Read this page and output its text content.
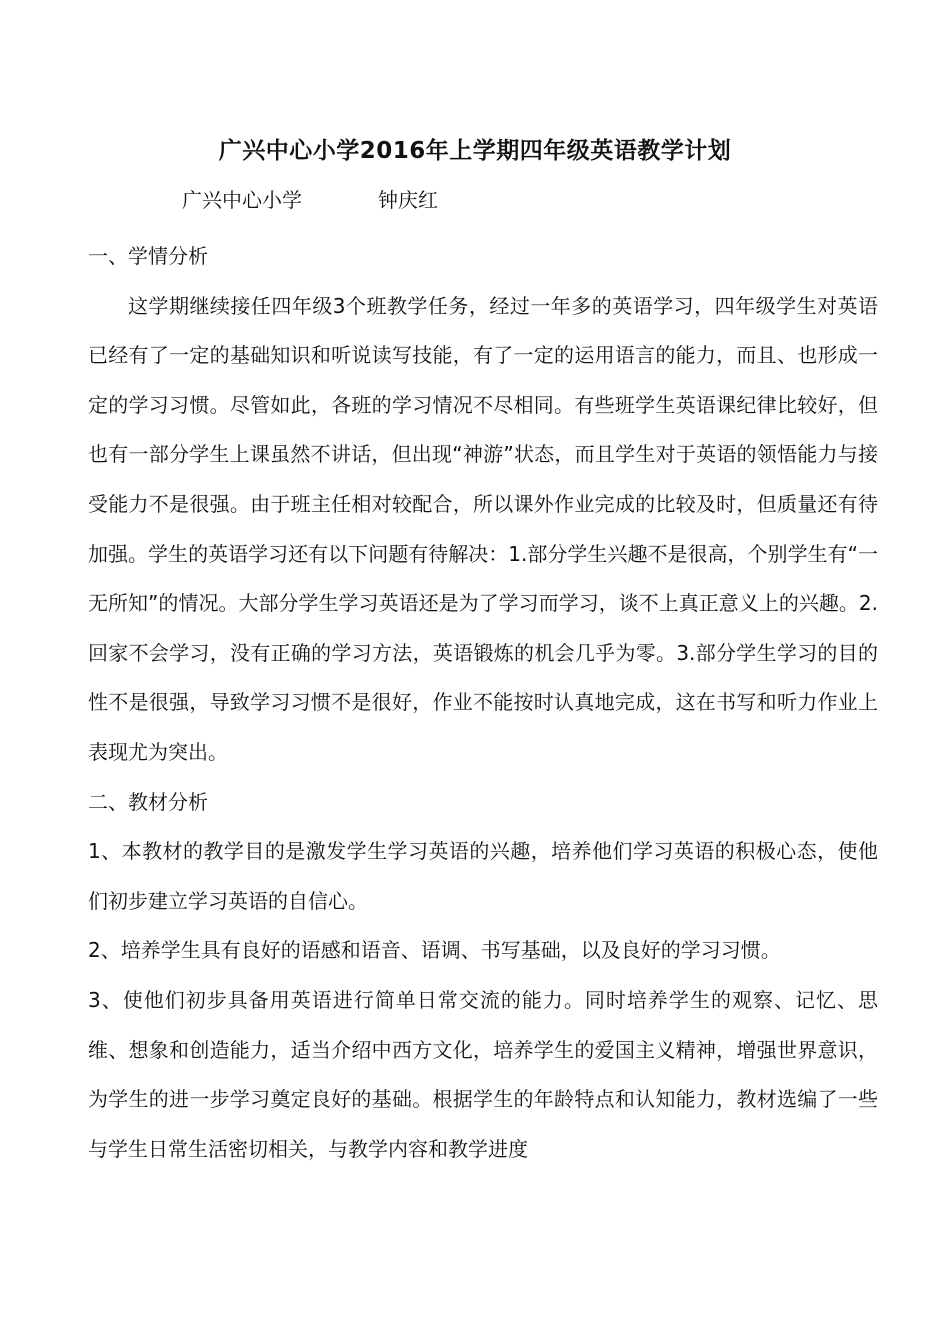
广兴中心小学2016年上学期四年级英语教学计划
广兴中心小学	钟庆红

一、学情分析

这学期继续接任四年级3个班教学任务，经过一年多的英语学习，四年级学生对英语已经有了一定的基础知识和听说读写技能，有了一定的运用语言的能力，而且、也形成一定的学习习惯。尽管如此，各班的学习情况不尽相同。有些班学生英语课纪律比较好，但也有一部分学生上课虽然不讲话，但出现“神游”状态，而且学生对于英语的领悟能力与接受能力不是很强。由于班主任相对较配合，所以课外作业完成的比较及时，但质量还有待加强。学生的英语学习还有以下问题有待解决：1.部分学生兴趣不是很高，个别学生有“一无所知”的情况。大部分学生学习英语还是为了学习而学习，谈不上真正意义上的兴趣。2.回家不会学习，没有正确的学习方法，英语锻炼的机会几乎为零。3.部分学生学习的目的性不是很强，导致学习习惯不是很好，作业不能按时认真地完成，这在书写和听力作业上表现尤为突出。

二、教材分析

1、本教材的教学目的是激发学生学习英语的兴趣，培养他们学习英语的积极心态，使他们初步建立学习英语的自信心。

2、培养学生具有良好的语感和语音、语调、书写基础，以及良好的学习习惯。

3、使他们初步具备用英语进行简单日常交流的能力。同时培养学生的观察、记忆、思维、想象和创造能力，适当介绍中西方文化，培养学生的爱国主义精神，增强世界意识，为学生的进一步学习奠定良好的基础。根据学生的年龄特点和认知能力，教材选编了一些与学生日常生活密切相关，与教学内容和教学进度
